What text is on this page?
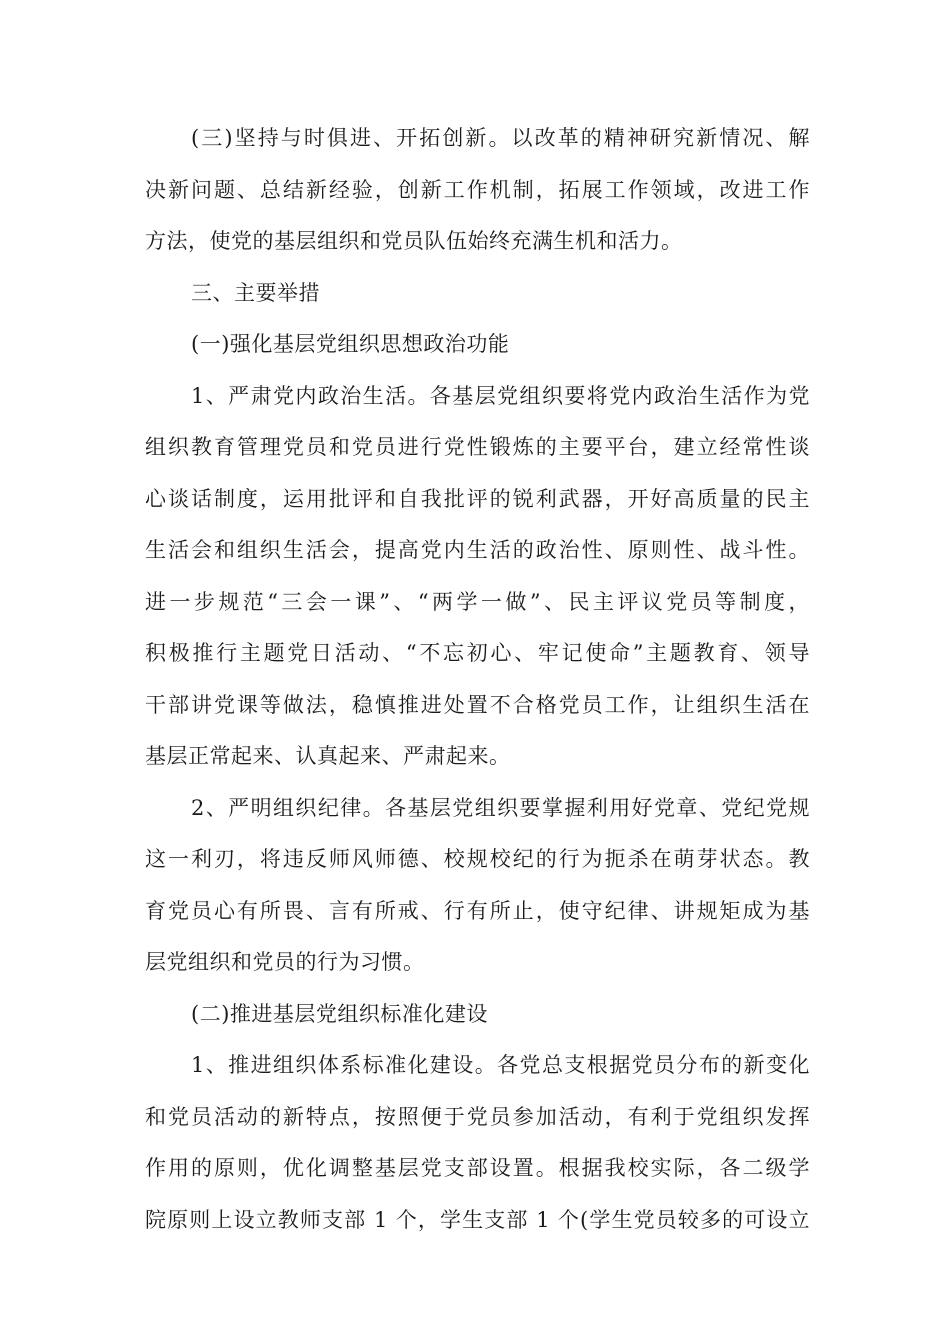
(三)坚持与时俱进、开拓创新。以改革的精神研究新情况、解
决新问题、总结新经验，创新工作机制，拓展工作领域，改进工作
方法，使党的基层组织和党员队伍始终充满生机和活力。
三、主要举措
(一)强化基层党组织思想政治功能
1、严肃党内政治生活。各基层党组织要将党内政治生活作为党
组织教育管理党员和党员进行党性锻炼的主要平台，建立经常性谈
心谈话制度，运用批评和自我批评的锐利武器，开好高质量的民主
生活会和组织生活会，提高党内生活的政治性、原则性、战斗性。
进一步规范“三会一课”、“两学一做”、民主评议党员等制度，
积极推行主题党日活动、“不忘初心、牢记使命”主题教育、领导
干部讲党课等做法，稳慎推进处置不合格党员工作，让组织生活在
基层正常起来、认真起来、严肃起来。
2、严明组织纪律。各基层党组织要掌握利用好党章、党纪党规
这一利刃，将违反师风师德、校规校纪的行为扼杀在萌芽状态。教
育党员心有所畏、言有所戒、行有所止，使守纪律、讲规矩成为基
层党组织和党员的行为习惯。
(二)推进基层党组织标准化建设
1、推进组织体系标准化建设。各党总支根据党员分布的新变化
和党员活动的新特点，按照便于党员参加活动，有利于党组织发挥
作用的原则，优化调整基层党支部设置。根据我校实际，各二级学
院原则上设立教师支部 1 个，学生支部 1 个(学生党员较多的可设立
